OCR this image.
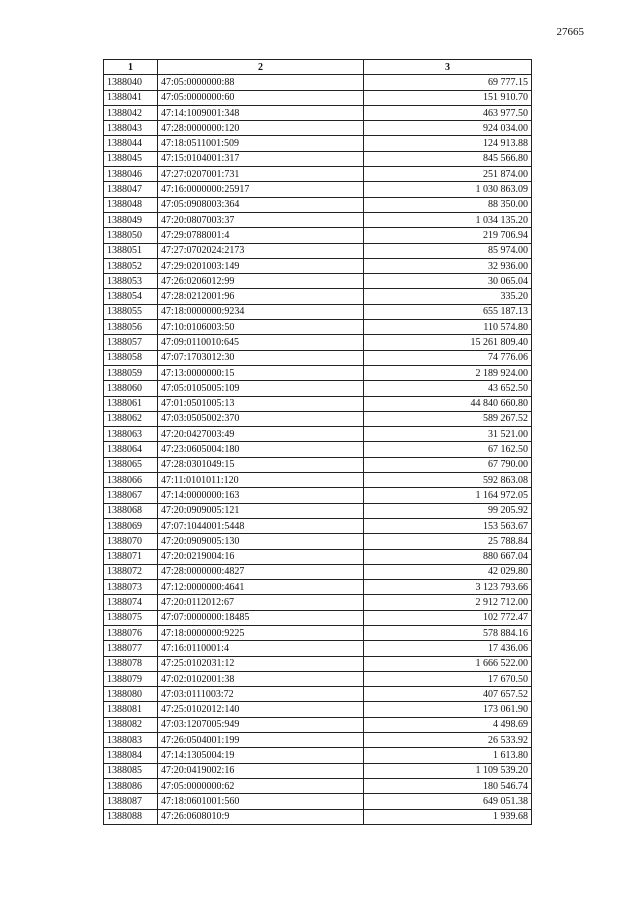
27665
1	2	3
1388040	47:05:0000000:88	69 777.15
1388041	47:05:0000000:60	151 910.70
1388042	47:14:1009001:348	463 977.50
1388043	47:28:0000000:120	924 034.00
1388044	47:18:0511001:509	124 913.88
1388045	47:15:0104001:317	845 566.80
1388046	47:27:0207001:731	251 874.00
1388047	47:16:0000000:25917	1 030 863.09
1388048	47:05:0908003:364	88 350.00
1388049	47:20:0807003:37	1 034 135.20
1388050	47:29:0788001:4	219 706.94
1388051	47:27:0702024:2173	85 974.00
1388052	47:29:0201003:149	32 936.00
1388053	47:26:0206012:99	30 065.04
1388054	47:28:0212001:96	335.20
1388055	47:18:0000000:9234	655 187.13
1388056	47:10:0106003:50	110 574.80
1388057	47:09:0110010:645	15 261 809.40
1388058	47:07:1703012:30	74 776.06
1388059	47:13:0000000:15	2 189 924.00
1388060	47:05:0105005:109	43 652.50
1388061	47:01:0501005:13	44 840 660.80
1388062	47:03:0505002:370	589 267.52
1388063	47:20:0427003:49	31 521.00
1388064	47:23:0605004:180	67 162.50
1388065	47:28:0301049:15	67 790.00
1388066	47:11:0101011:120	592 863.08
1388067	47:14:0000000:163	1 164 972.05
1388068	47:20:0909005:121	99 205.92
1388069	47:07:1044001:5448	153 563.67
1388070	47:20:0909005:130	25 788.84
1388071	47:20:0219004:16	880 667.04
1388072	47:28:0000000:4827	42 029.80
1388073	47:12:0000000:4641	3 123 793.66
1388074	47:20:0112012:67	2 912 712.00
1388075	47:07:0000000:18485	102 772.47
1388076	47:18:0000000:9225	578 884.16
1388077	47:16:0110001:4	17 436.06
1388078	47:25:0102031:12	1 666 522.00
1388079	47:02:0102001:38	17 670.50
1388080	47:03:0111003:72	407 657.52
1388081	47:25:0102012:140	173 061.90
1388082	47:03:1207005:949	4 498.69
1388083	47:26:0504001:199	26 533.92
1388084	47:14:1305004:19	1 613.80
1388085	47:20:0419002:16	1 109 539.20
1388086	47:05:0000000:62	180 546.74
1388087	47:18:0601001:560	649 051.38
1388088	47:26:0608010:9	1 939.68
